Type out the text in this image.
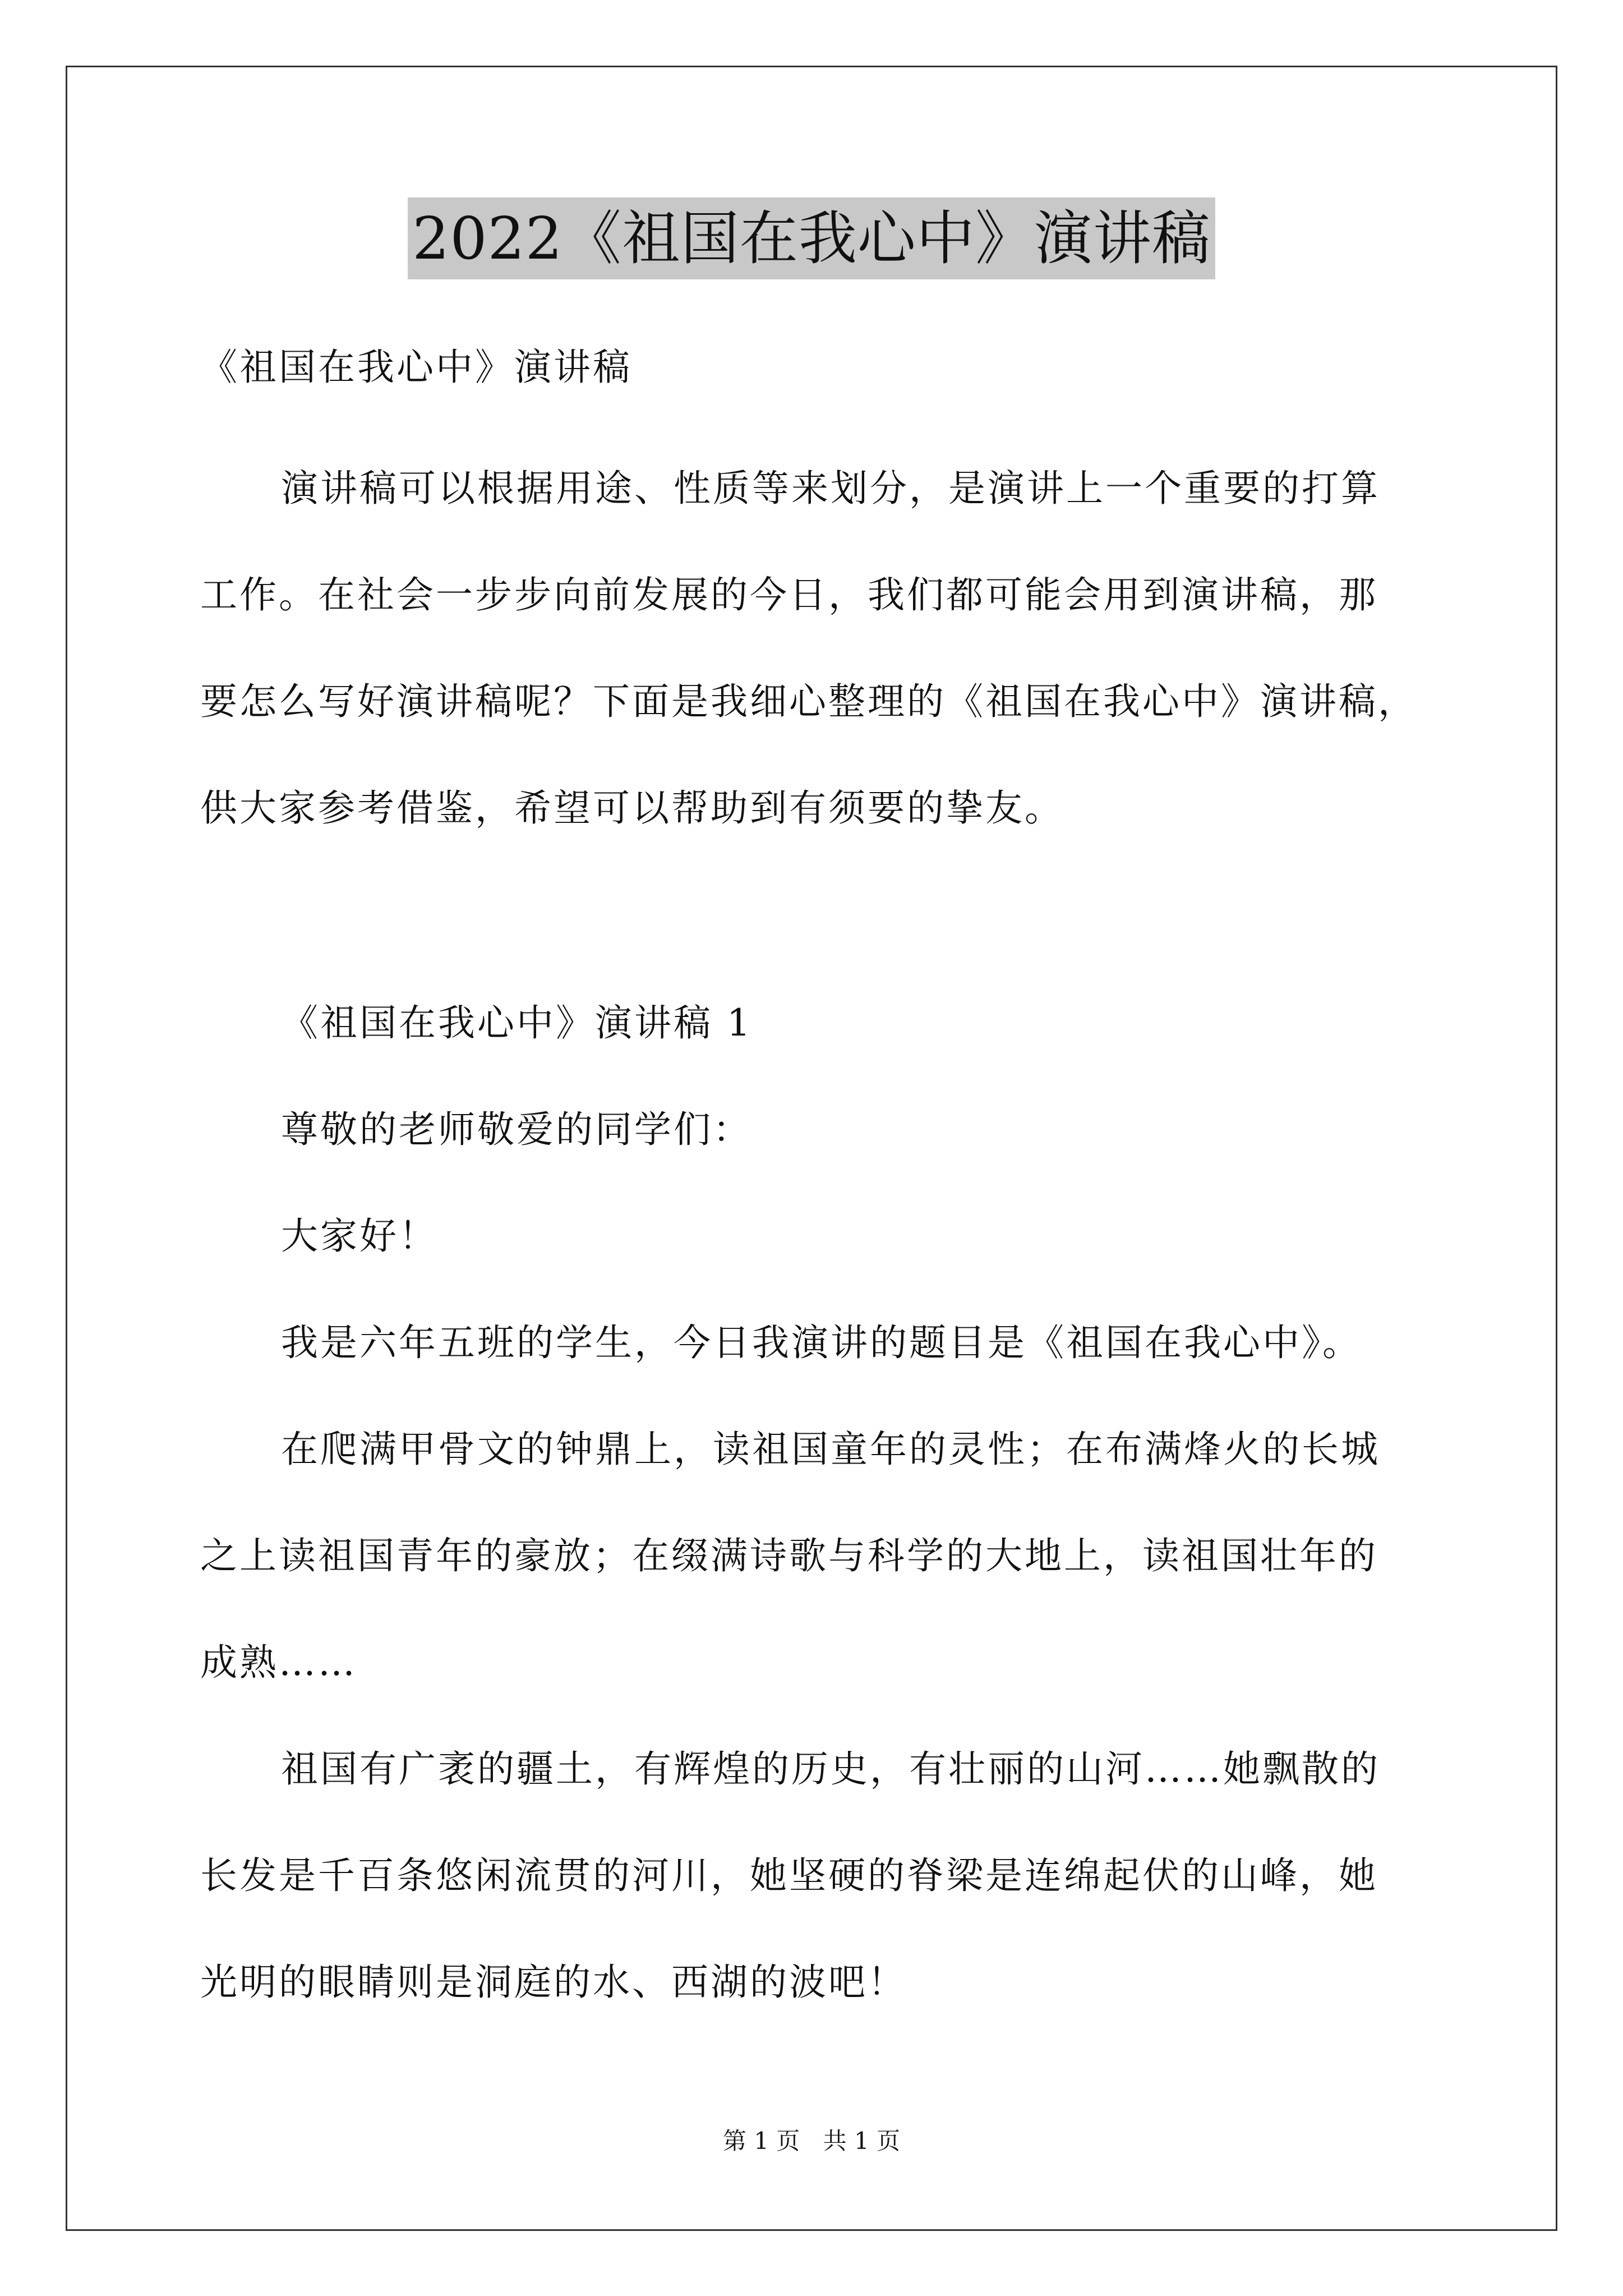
2022《祖国在我心中》演讲稿
《祖国在我心中》演讲稿
演讲稿可以根据用途、性质等来划分，是演讲上一个重要的打算
工作。在社会一步步向前发展的今日，我们都可能会用到演讲稿，那
要怎么写好演讲稿呢？下面是我细心整理的《祖国在我心中》演讲稿，
供大家参考借鉴，希望可以帮助到有须要的挚友。
《祖国在我心中》演讲稿 1
尊敬的老师敬爱的同学们：
大家好！
我是六年五班的学生，今日我演讲的题目是《祖国在我心中》。
在爬满甲骨文的钟鼎上，读祖国童年的灵性；在布满烽火的长城
之上读祖国青年的豪放；在缀满诗歌与科学的大地上，读祖国壮年的
成熟……
祖国有广袤的疆土，有辉煌的历史，有壮丽的山河……她飘散的
长发是千百条悠闲流贯的河川，她坚硬的脊梁是连绵起伏的山峰，她
光明的眼睛则是洞庭的水、西湖的波吧！
第 1 页 共 1 页
